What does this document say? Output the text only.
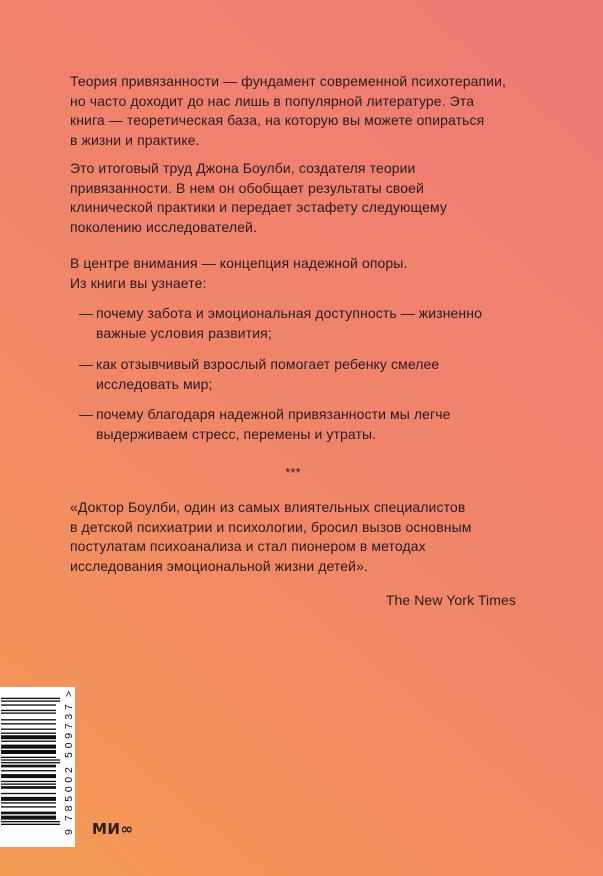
Теория привязанности — фундамент современной психотерапии,
но часто доходит до нас лишь в популярной литературе. Эта
книга — теоретическая база, на которую вы можете опираться
в жизни и практике.
Это итоговый труд Джона Боулби, создателя теории
привязанности. В нем он обобщает результаты своей
клинической практики и передает эстафету следующему
поколению исследователей.
В центре внимания — концепция надежной опоры.
Из книги вы узнаете:
— почему забота и эмоциональная доступность — жизненно
важные условия развития;
— как отзывчивый взрослый помогает ребенку смелее
исследовать мир;
— почему благодаря надежной привязанности мы легче
выдерживаем стресс, перемены и утраты.
***
«Доктор Боулби, один из самых влиятельных специалистов
в детской психиатрии и психологии, бросил вызов основным
постулатам психоанализа и стал пионером в методах
исследования эмоциональной жизни детей».
The New York Times
9
785002
509737
>
МИ∞
